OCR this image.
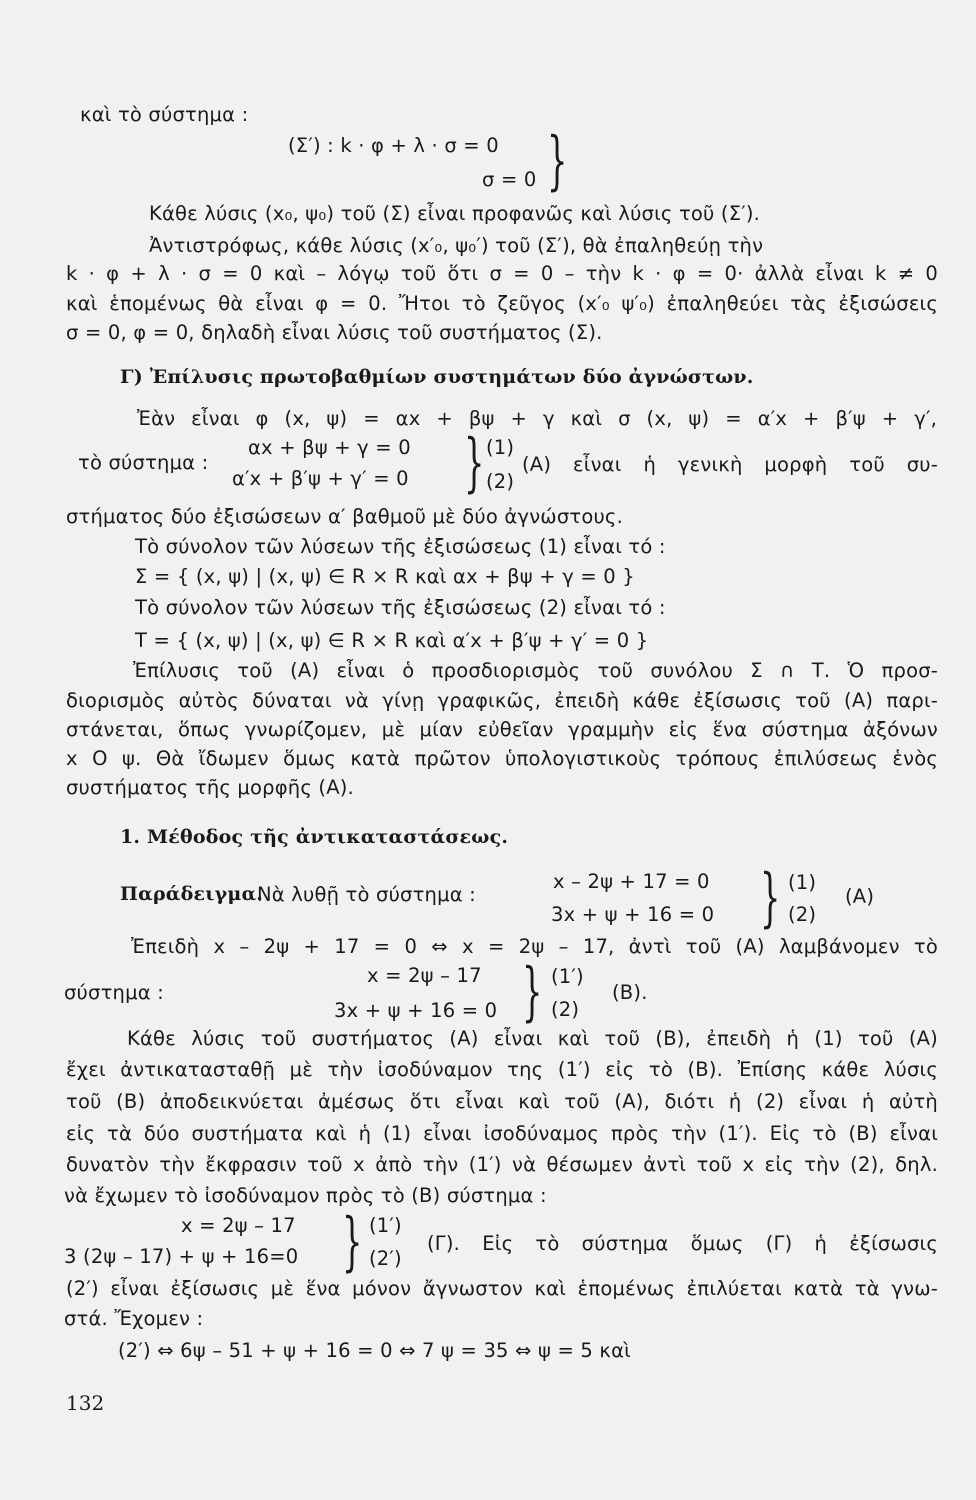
καὶ τὸ σύστημα :
(Σ′) : k · φ + λ · σ = 0
σ = 0 }
Κάθε λύσις (x₀, ψ₀) τοῦ (Σ) εἶναι προφανῶς καὶ λύσις τοῦ (Σ′).
Ἀντιστρόφως, κάθε λύσις (x′₀, ψ₀′) τοῦ (Σ′), θὰ ἐπαληθεύῃ τὴν
k · φ + λ · σ = 0 καὶ – λόγῳ τοῦ ὅτι σ = 0 – τὴν k · φ = 0· ἀλλὰ εἶναι k ≠ 0
καὶ ἑπομένως θὰ εἶναι φ = 0. Ἤτοι τὸ ζεῦγος (x′₀ ψ′₀) ἐπαληθεύει τὰς ἐξισώσεις
σ = 0, φ = 0, δηλαδὴ εἶναι λύσις τοῦ συστήματος (Σ).
Γ) Ἐπίλυσις πρωτοβαθμίων συστημάτων δύο ἀγνώστων.
Ἐὰν εἶναι φ (x, ψ) = αx + βψ + γ καὶ σ (x, ψ) = α′x + β′ψ + γ′,
τὸ σύστημα :
αx + βψ + γ = 0	(1)
α′x + β′ψ + γ′ = 0	(2)
} (Α) εἶναι ἡ γενικὴ μορφὴ τοῦ συ-
στήματος δύο ἐξισώσεων α′ βαθμοῦ μὲ δύο ἀγνώστους.
Τὸ σύνολον τῶν λύσεων τῆς ἐξισώσεως (1) εἶναι τό :
Σ = { (x, ψ) | (x, ψ) ∈ R × R καὶ αx + βψ + γ = 0 }
Τὸ σύνολον τῶν λύσεων τῆς ἐξισώσεως (2) εἶναι τό :
Τ = { (x, ψ) | (x, ψ) ∈ R × R καὶ α′x + β′ψ + γ′ = 0 }
Ἐπίλυσις τοῦ (Α) εἶναι ὁ προσδιορισμὸς τοῦ συνόλου Σ ∩ Τ. Ὁ προσ-
διορισμὸς αὐτὸς δύναται νὰ γίνῃ γραφικῶς, ἐπειδὴ κάθε ἐξίσωσις τοῦ (Α) παρι-
στάνεται, ὅπως γνωρίζομεν, μὲ μίαν εὐθεῖαν γραμμὴν εἰς ἕνα σύστημα ἀξόνων
x O ψ. Θὰ ἴδωμεν ὅμως κατὰ πρῶτον ὑπολογιστικοὺς τρόπους ἐπιλύσεως ἑνὸς
συστήματος τῆς μορφῆς (Α).
1. Μέθοδος τῆς ἀντικαταστάσεως.
Παράδειγμα.
Νὰ λυθῇ τὸ σύστημα :
x – 2ψ + 17 = 0	(1)
3x + ψ + 16 = 0	(2)
}	(Α)
Ἐπειδὴ x – 2ψ + 17 = 0 ⇔ x = 2ψ – 17, ἀντὶ τοῦ (Α) λαμβάνομεν τὸ
x = 2ψ – 17	(1′)
σύστημα :
3x + ψ + 16 = 0	(2)
}	(Β).
Κάθε λύσις τοῦ συστήματος (Α) εἶναι καὶ τοῦ (Β), ἐπειδὴ ἡ (1) τοῦ (Α)
ἔχει ἀντικατασταθῇ μὲ τὴν ἰσοδύναμον της (1′) εἰς τὸ (Β). Ἐπίσης κάθε λύσις
τοῦ (Β) ἀποδεικνύεται ἀμέσως ὅτι εἶναι καὶ τοῦ (Α), διότι ἡ (2) εἶναι ἡ αὐτὴ
εἰς τὰ δύο συστήματα καὶ ἡ (1) εἶναι ἰσοδύναμος πρὸς τὴν (1′). Εἰς τὸ (Β) εἶναι
δυνατὸν τὴν ἔκφρασιν τοῦ x ἀπὸ τὴν (1′) νὰ θέσωμεν ἀντὶ τοῦ x εἰς τὴν (2), δηλ.
νὰ ἔχωμεν τὸ ἰσοδύναμον πρὸς τὸ (Β) σύστημα :
x = 2ψ – 17	(1′)
3 (2ψ – 17) + ψ + 16=0	(2′)
}	(Γ). Εἰς τὸ σύστημα ὅμως (Γ) ἡ ἐξίσωσις
(2′) εἶναι ἐξίσωσις μὲ ἕνα μόνον ἄγνωστον καὶ ἑπομένως ἐπιλύεται κατὰ τὰ γνω-
στά. Ἔχομεν :
(2′) ⇔ 6ψ – 51 + ψ + 16 = 0 ⇔ 7 ψ = 35 ⇔ ψ = 5 καὶ
132
